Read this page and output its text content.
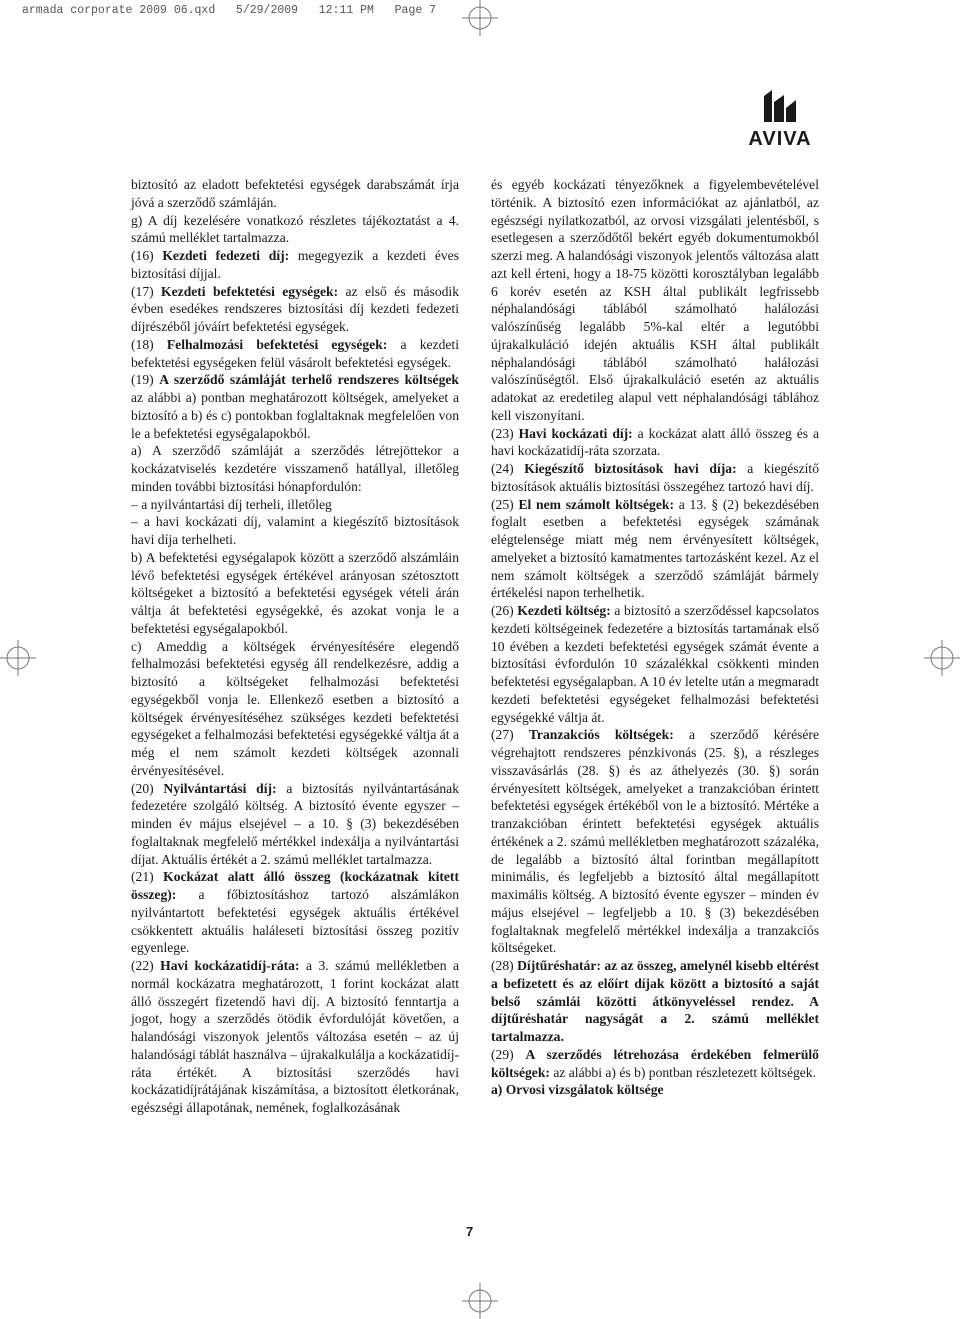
armada corporate 2009 06.qxd   5/29/2009   12:11 PM   Page 7
AVIVA

biztosító az eladott befektetési egységek darabszámát írja jóvá a szerződő számláján.

g) A díj kezelésére vonatkozó részletes tájékoztatást a 4. számú melléklet tartalmazza.

(16) Kezdeti fedezeti díj: megegyezik a kezdeti éves biztosítási díjjal.

(17) Kezdeti befektetési egységek: az első és második évben esedékes rendszeres biztosítási díj kezdeti fedezeti díjrészéből jóváírt befektetési egységek.

(18) Felhalmozási befektetési egységek: a kezdeti befektetési egységeken felül vásárolt befektetési egységek.

(19) A szerződő számláját terhelő rendszeres költségek az alábbi a) pontban meghatározott költségek, amelyeket a biztosító a b) és c) pontokban foglaltaknak megfelelően von le a befektetési egységalapokból.

a) A szerződő számláját a szerződés létrejöttekor a kockázatviselés kezdetére visszamenő hatállyal, illetőleg minden további biztosítási hónapfordulón:

– a nyilvántartási díj terheli, illetőleg

– a havi kockázati díj, valamint a kiegészítő biztosítások havi díja terhelheti.

b) A befektetési egységalapok között a szerződő alszámláin lévő befektetési egységek értékével arányosan szétosztott költségeket a biztosító a befektetési egységek vételi árán váltja át befektetési egységekké, és azokat vonja le a befektetési egységalapokból.

c) Ameddig a költségek érvényesítésére elegendő felhalmozási befektetési egység áll rendelkezésre, addig a biztosító a költségeket felhalmozási befektetési egységekből vonja le. Ellenkező esetben a biztosító a költségek érvényesítéséhez szükséges kezdeti befektetési egységeket a felhalmozási befektetési egységekké váltja át a még el nem számolt kezdeti költségek azonnali érvényesítésével.

(20) Nyilvántartási díj: a biztosítás nyilvántartásának fedezetére szolgáló költség. A biztosító évente egyszer – minden év május elsejével – a 10. § (3) bekezdésében foglaltaknak megfelelő mértékkel indexálja a nyilvántartási díjat. Aktuális értékét a 2. számú melléklet tartalmazza.

(21) Kockázat alatt álló összeg (kockázatnak kitett összeg): a főbiztosításhoz tartozó alszámlákon nyilvántartott befektetési egységek aktuális értékével csökkentett aktuális haláleseti biztosítási összeg pozitív egyenlege.

(22) Havi kockázatidíj-ráta: a 3. számú mellékletben a normál kockázatra meghatározott, 1 forint kockázat alatt álló összegért fizetendő havi díj. A biztosító fenntartja a jogot, hogy a szerződés ötödik évfordulóját követően, a halandósági viszonyok jelentős változása esetén – az új halandósági táblát használva – újrakalkulálja a kockázatidíj-ráta értékét. A biztosítási szerződés havi kockázatidíjrátájának kiszámítása, a biztosított életkorának, egészségi állapotának, nemének, foglalkozásának

és egyéb kockázati tényezőknek a figyelembevételével történik. A biztosító ezen információkat az ajánlatból, az egészségi nyilatkozatból, az orvosi vizsgálati jelentésből, s esetlegesen a szerződőtől bekért egyéb dokumentumokból szerzi meg. A halandósági viszonyok jelentős változása alatt azt kell érteni, hogy a 18-75 közötti korosztályban legalább 6 korév esetén az KSH által publikált legfrissebb néphalandósági táblából számolható halálozási valószínűség legalább 5%-kal eltér a legutóbbi újrakalkuláció idején aktuális KSH által publikált néphalandósági táblából számolható halálozási valószínűségtől. Első újrakalkuláció esetén az aktuális adatokat az eredetileg alapul vett néphalandósági táblához kell viszonyítani.

(23) Havi kockázati díj: a kockázat alatt álló összeg és a havi kockázatidíj-ráta szorzata.

(24) Kiegészítő biztosítások havi díja: a kiegészítő biztosítások aktuális biztosítási összegéhez tartozó havi díj.

(25) El nem számolt költségek: a 13. § (2) bekezdésében foglalt esetben a befektetési egységek számának elégtelensége miatt még nem érvényesített költségek, amelyeket a biztosító kamatmentes tartozásként kezel. Az el nem számolt költségek a szerződő számláját bármely értékelési napon terhelhetik.

(26) Kezdeti költség: a biztosító a szerződéssel kapcsolatos kezdeti költségeinek fedezetére a biztosítás tartamának első 10 évében a kezdeti befektetési egységek számát évente a biztosítási évfordulón 10 százalékkal csökkenti minden befektetési egységalapban. A 10 év letelte után a megmaradt kezdeti befektetési egységeket felhalmozási befektetési egységekké váltja át.

(27) Tranzakciós költségek: a szerződő kérésére végrehajtott rendszeres pénzkivonás (25. §), a részleges visszavásárlás (28. §) és az áthelyezés (30. §) során érvényesített költségek, amelyeket a tranzakcióban érintett befektetési egységek értékéből von le a biztosító. Mértéke a tranzakcióban érintett befektetési egységek aktuális értékének a 2. számú mellékletben meghatározott százaléka, de legalább a biztosító által forintban megállapított minimális, és legfeljebb a biztosító által megállapított maximális költség. A biztosító évente egyszer – minden év május elsejével – legfeljebb a 10. § (3) bekezdésében foglaltaknak megfelelő mértékkel indexálja a tranzakciós költségeket.

(28) Díjtűréshatár: az az összeg, amelynél kisebb eltérést a befizetett és az előírt díjak között a biztosító a saját belső számlái közötti átkönyveléssel rendez. A díjtűréshatár nagyságát a 2. számú melléklet tartalmazza.

(29) A szerződés létrehozása érdekében felmerülő költségek: az alábbi a) és b) pontban részletezett költségek.

a) Orvosi vizsgálatok költsége

7
